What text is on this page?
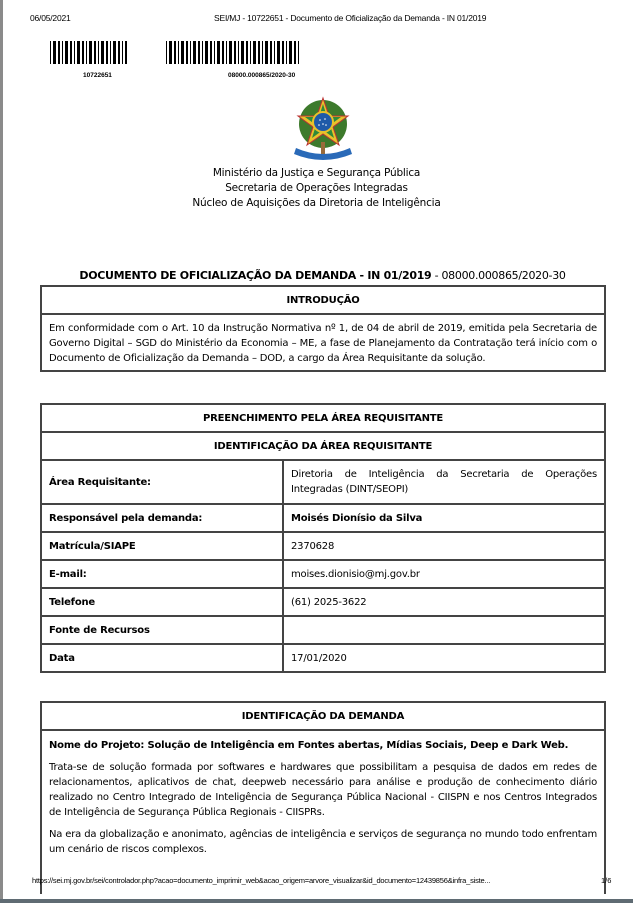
06/05/2021	SEI/MJ - 10722651 - Documento de Oficialização da Demanda - IN 01/2019
10722651	08000.000865/2020-30
Ministério da Justiça e Segurança Pública
Secretaria de Operações Integradas
Núcleo de Aquisições da Diretoria de Inteligência
DOCUMENTO DE OFICIALIZAÇÃO DA DEMANDA - IN 01/2019 - 08000.000865/2020-30
INTRODUÇÃO
Em conformidade com o Art. 10 da Instrução Normativa nº 1, de 04 de abril de 2019, emitida pela Secretaria de Governo Digital – SGD do Ministério da Economia – ME, a fase de Planejamento da Contratação terá início com o Documento de Oficialização da Demanda – DOD, a cargo da Área Requisitante da solução.
PREENCHIMENTO PELA ÁREA REQUISITANTE	
IDENTIFICAÇÃO DA ÁREA REQUISITANTE	
Área Requisitante:	Diretoria de Inteligência da Secretaria de Operações Integradas (DINT/SEOPI)
Responsável pela demanda:	Moisés Dionísio da Silva
Matrícula/SIAPE	2370628
E-mail:	moises.dionisio@mj.gov.br
Telefone	(61) 2025-3622
Fonte de Recursos	
Data	17/01/2020
IDENTIFICAÇÃO DA DEMANDA

Nome do Projeto: Solução de Inteligência em Fontes abertas, Mídias Sociais, Deep e Dark Web.

Trata-se de solução formada por softwares e hardwares que possibilitam a pesquisa de dados em redes de relacionamentos, aplicativos de chat, deepweb necessário para análise e produção de conhecimento diário realizado no Centro Integrado de Inteligência de Segurança Pública Nacional - CIISPN e nos Centros Integrados de Inteligência de Segurança Pública Regionais - CIISPRs.

Na era da globalização e anonimato, agências de inteligência e serviços de segurança no mundo todo enfrentam um cenário de riscos complexos.

https://sei.mj.gov.br/sei/controlador.php?acao=documento_imprimir_web&acao_origem=arvore_visualizar&id_documento=12439856&infra_siste...	1/6
